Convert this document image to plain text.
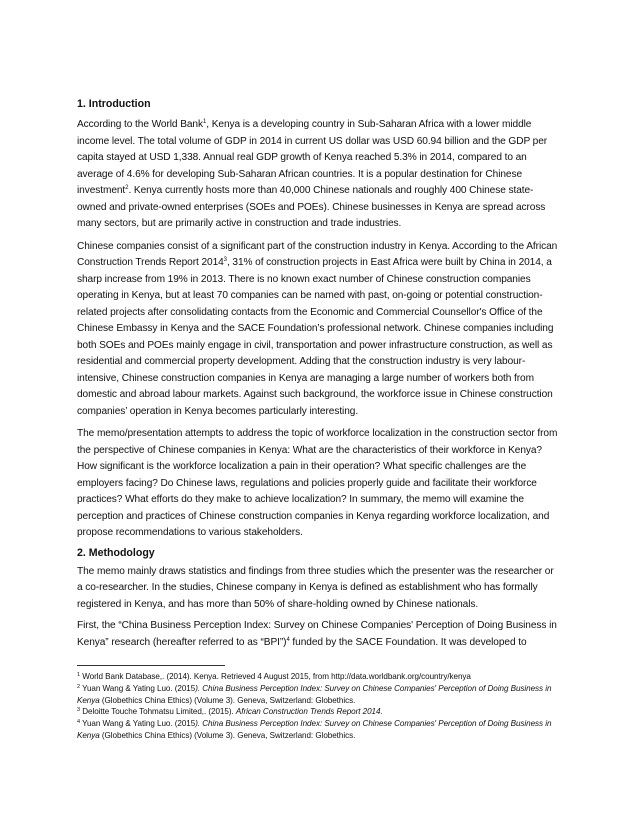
1. Introduction

According to the World Bank$^1$, Kenya is a developing country in Sub-Saharan Africa with a lower middle income level. The total volume of GDP in 2014 in current US dollar was USD 60.94 billion and the GDP per capita stayed at USD 1,338. Annual real GDP growth of Kenya reached 5.3% in 2014, compared to an average of 4.6% for developing Sub-Saharan African countries. It is a popular destination for Chinese investment$^2$. Kenya currently hosts more than 40,000 Chinese nationals and roughly 400 Chinese state-owned and private-owned enterprises (SOEs and POEs). Chinese businesses in Kenya are spread across many sectors, but are primarily active in construction and trade industries.

Chinese companies consist of a significant part of the construction industry in Kenya. According to the African Construction Trends Report 2014$^3$, 31% of construction projects in East Africa were built by China in 2014, a sharp increase from 19% in 2013. There is no known exact number of Chinese construction companies operating in Kenya, but at least 70 companies can be named with past, on-going or potential construction-related projects after consolidating contacts from the Economic and Commercial Counsellor's Office of the Chinese Embassy in Kenya and the SACE Foundation’s professional network. Chinese companies including both SOEs and POEs mainly engage in civil, transportation and power infrastructure construction, as well as residential and commercial property development. Adding that the construction industry is very labour-intensive, Chinese construction companies in Kenya are managing a large number of workers both from domestic and abroad labour markets. Against such background, the workforce issue in Chinese construction companies’ operation in Kenya becomes particularly interesting.

The memo/presentation attempts to address the topic of workforce localization in the construction sector from the perspective of Chinese companies in Kenya: What are the characteristics of their workforce in Kenya? How significant is the workforce localization a pain in their operation? What specific challenges are the employers facing? Do Chinese laws, regulations and policies properly guide and facilitate their workforce practices? What efforts do they make to achieve localization? In summary, the memo will examine the perception and practices of Chinese construction companies in Kenya regarding workforce localization, and propose recommendations to various stakeholders.

2. Methodology

The memo mainly draws statistics and findings from three studies which the presenter was the researcher or a co-researcher. In the studies, Chinese company in Kenya is defined as establishment who has formally registered in Kenya, and has more than 50% of share-holding owned by Chinese nationals.

First, the “China Business Perception Index: Survey on Chinese Companies' Perception of Doing Business in Kenya” research (hereafter referred to as “BPI”)$^4$ funded by the SACE Foundation. It was developed to

$^1$ World Bank Database,. (2014). Kenya. Retrieved 4 August 2015, from http://data.worldbank.org/country/kenya

$^2$ Yuan Wang & Yating Luo. (2015). China Business Perception Index: Survey on Chinese Companies' Perception of Doing Business in Kenya (Globethics China Ethics) (Volume 3). Geneva, Switzerland: Globethics.

$^3$ Deloitte Touche Tohmatsu Limited,. (2015). African Construction Trends Report 2014.

$^4$ Yuan Wang & Yating Luo. (2015). China Business Perception Index: Survey on Chinese Companies' Perception of Doing Business in Kenya (Globethics China Ethics) (Volume 3). Geneva, Switzerland: Globethics.
